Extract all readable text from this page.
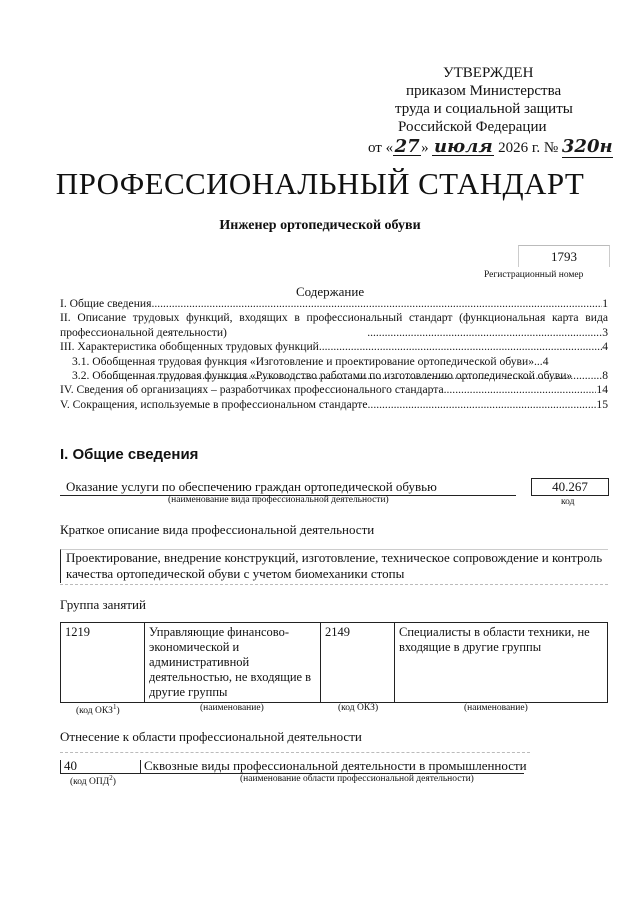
УТВЕРЖДЕН
приказом Министерства
труда и социальной защиты
Российской Федерации
от «27» июля 2026 г. № 320н
ПРОФЕССИОНАЛЬНЫЙ СТАНДАРТ
Инженер ортопедической обуви
1793
Регистрационный номер
Содержание
I. Общие сведения .....	1
II. Описание трудовых функций, входящих в профессиональный стандарт (функциональная карта вида профессиональной деятельности) .....	3
III. Характеристика обобщенных трудовых функций .....	4
3.1. Обобщенная трудовая функция «Изготовление и проектирование ортопедической обуви» ... 4
3.2. Обобщенная трудовая функция «Руководство работами по изготовлению ортопедической обуви» .....	8
IV. Сведения об организациях – разработчиках профессионального стандарта .....	14
V. Сокращения, используемые в профессиональном стандарте .....	15
I. Общие сведения
Оказание услуги по обеспечению граждан ортопедической обувью
(наименование вида профессиональной деятельности)
40.267
код
Краткое описание вида профессиональной деятельности
Проектирование, внедрение конструкций, изготовление, техническое сопровождение и контроль качества ортопедической обуви с учетом биомеханики стопы
Группа занятий
1219	Управляющие финансово-экономической и административной деятельностью, не входящие в другие группы	2149	Специалисты в области техники, не входящие в другие группы
(код ОКЗ$^1$)	(наименование)	(код ОКЗ)	(наименование)
Отнесение к области профессиональной деятельности
40	Сквозные виды профессиональной деятельности в промышленности
(код ОПД$^2$)	(наименование области профессиональной деятельности)
